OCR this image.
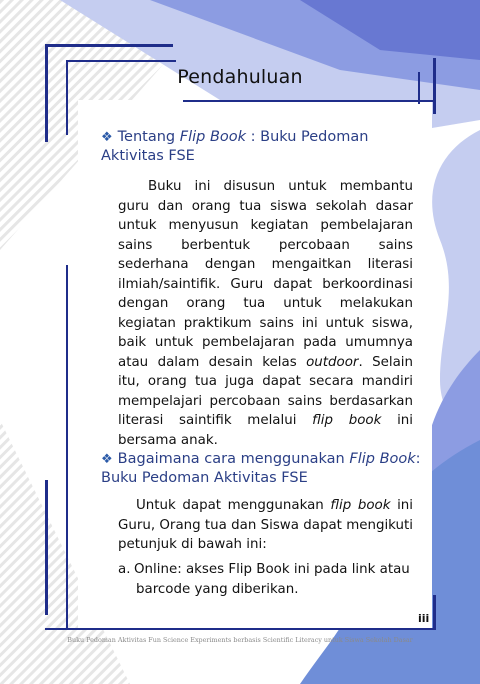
Pendahuluan
❖ Tentang Flip Book : Buku Pedoman
Aktivitas FSE

Buku ini disusun untuk membantu guru dan orang tua siswa sekolah dasar untuk menyusun kegiatan pembelajaran sains berbentuk percobaan sains sederhana dengan mengaitkan literasi ilmiah/saintifik. Guru dapat berkoordinasi dengan orang tua untuk melakukan kegiatan praktikum sains ini untuk siswa, baik untuk pembelajaran pada umumnya atau dalam desain kelas outdoor. Selain itu, orang tua juga dapat secara mandiri mempelajari percobaan sains berdasarkan literasi saintifik melalui flip book ini bersama anak.

❖ Bagaimana cara menggunakan Flip Book:
Buku Pedoman Aktivitas FSE

Untuk dapat menggunakan flip book ini Guru, Orang tua dan Siswa dapat mengikuti petunjuk di bawah ini:

a. Online: akses Flip Book ini pada link atau
barcode yang diberikan.
iii
Buku Pedoman Aktivitas Fun Science Experiments berbasis Scientific Literacy untuk Siswa Sekolah Dasar
